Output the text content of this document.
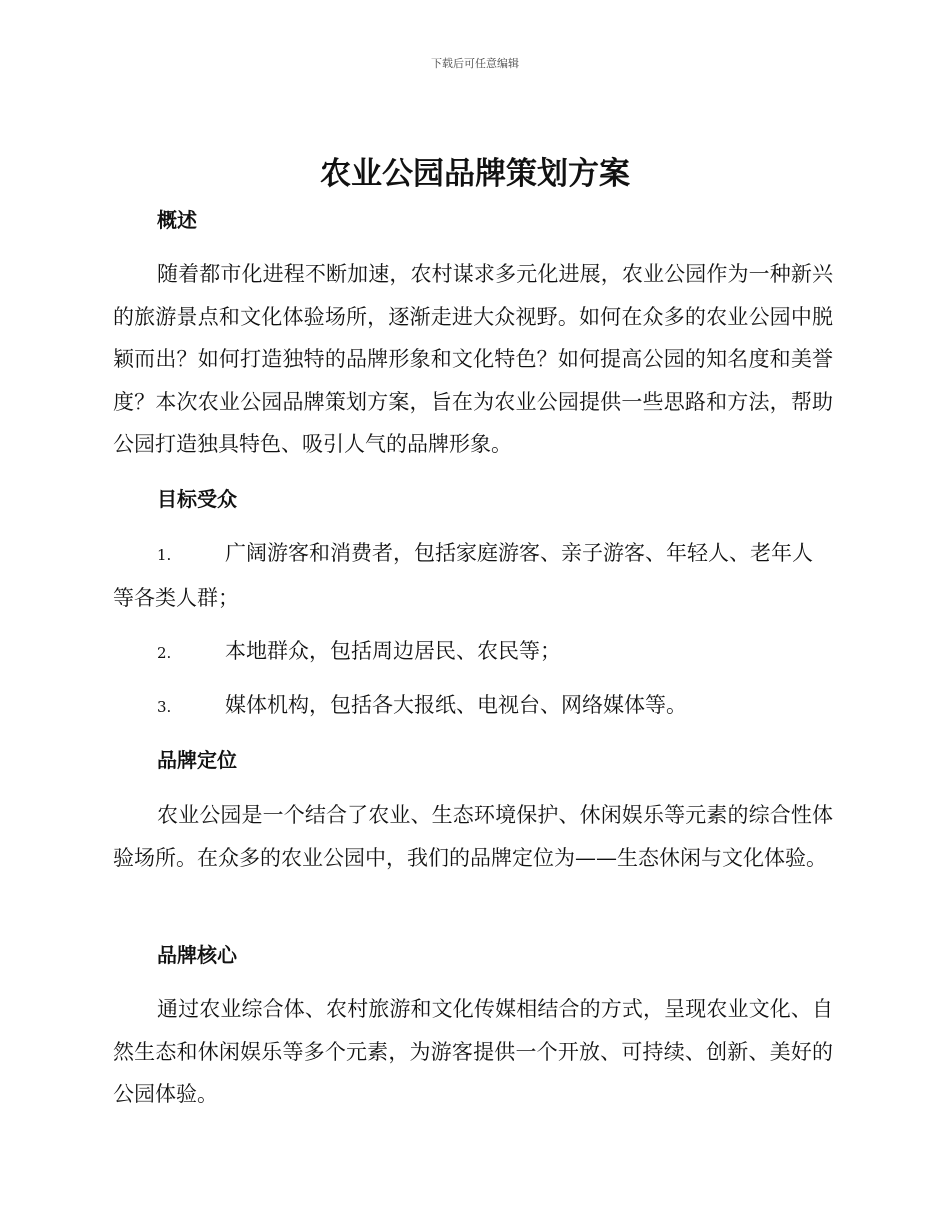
下载后可任意编辑
农业公园品牌策划方案
概述
随着都市化进程不断加速，农村谋求多元化进展，农业公园作为一种新兴的旅游景点和文化体验场所，逐渐走进大众视野。如何在众多的农业公园中脱颖而出？如何打造独特的品牌形象和文化特色？如何提高公园的知名度和美誉度？本次农业公园品牌策划方案，旨在为农业公园提供一些思路和方法，帮助公园打造独具特色、吸引人气的品牌形象。
目标受众
1.	广阔游客和消费者，包括家庭游客、亲子游客、年轻人、老年人等各类人群；
2.	本地群众，包括周边居民、农民等；
3.	媒体机构，包括各大报纸、电视台、网络媒体等。
品牌定位
农业公园是一个结合了农业、生态环境保护、休闲娱乐等元素的综合性体验场所。在众多的农业公园中，我们的品牌定位为——生态休闲与文化体验。
品牌核心
通过农业综合体、农村旅游和文化传媒相结合的方式，呈现农业文化、自然生态和休闲娱乐等多个元素，为游客提供一个开放、可持续、创新、美好的公园体验。
